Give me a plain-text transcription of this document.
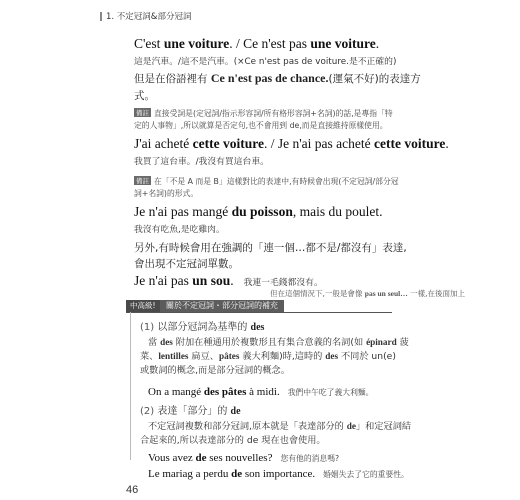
1. 不定冠詞&部分冠詞
C'est une voiture. / Ce n'est pas une voiture.
這是汽車。/這不是汽車。(×Ce n'est pas de voiture.是不正確的)
但是在俗語裡有 Ce n'est pas de chance.(運氣不好)的表達方
式。
備註 直接受詞是(定冠詞/指示形容詞/所有格形容詞+名詞)的話,是專指「特
定的人事物」,所以就算是否定句,也不會用到 de,而是直接維持原樣使用。
J'ai acheté cette voiture. / Je n'ai pas acheté cette voiture.
我買了這台車。/我沒有買這台車。
備註 在「不是 A 而是 B」這樣對比的表達中,有時候會出現(不定冠詞/部分冠
詞+名詞)的形式。
Je n'ai pas mangé du poisson, mais du poulet.
我沒有吃魚,是吃雞肉。
另外,有時候會用在強調的「連一個…都不是/都沒有」表達,
會出現不定冠詞單數。
Je n'ai pas un sou. 我連一毛錢都沒有。
中高級!	關於不定冠詞・部分冠詞的補充
(1) 以部分冠詞為基準的 des
當 des 附加在種通用於複數形且有集合意義的名詞(如 épinard 菠
菜、lentilles 扁豆、pâtes 義大利麵)時,這時的 des 不同於 un(e)
或數詞的概念,而是部分冠詞的概念。
On a mangé des pâtes à midi. 我們中午吃了義大利麵。
(2) 表達「部分」的 de
不定冠詞複數和部分冠詞,原本就是「表達部分的 de」和定冠詞結
合起來的,所以表達部分的 de 現在也會使用。
Vous avez de ses nouvelles? 您有他的消息嗎?
Le mariag a perdu de son importance. 婚姻失去了它的重要性。
46
但在這個情況下,一般是會像 pas un seul… 一樣,在後面加上
